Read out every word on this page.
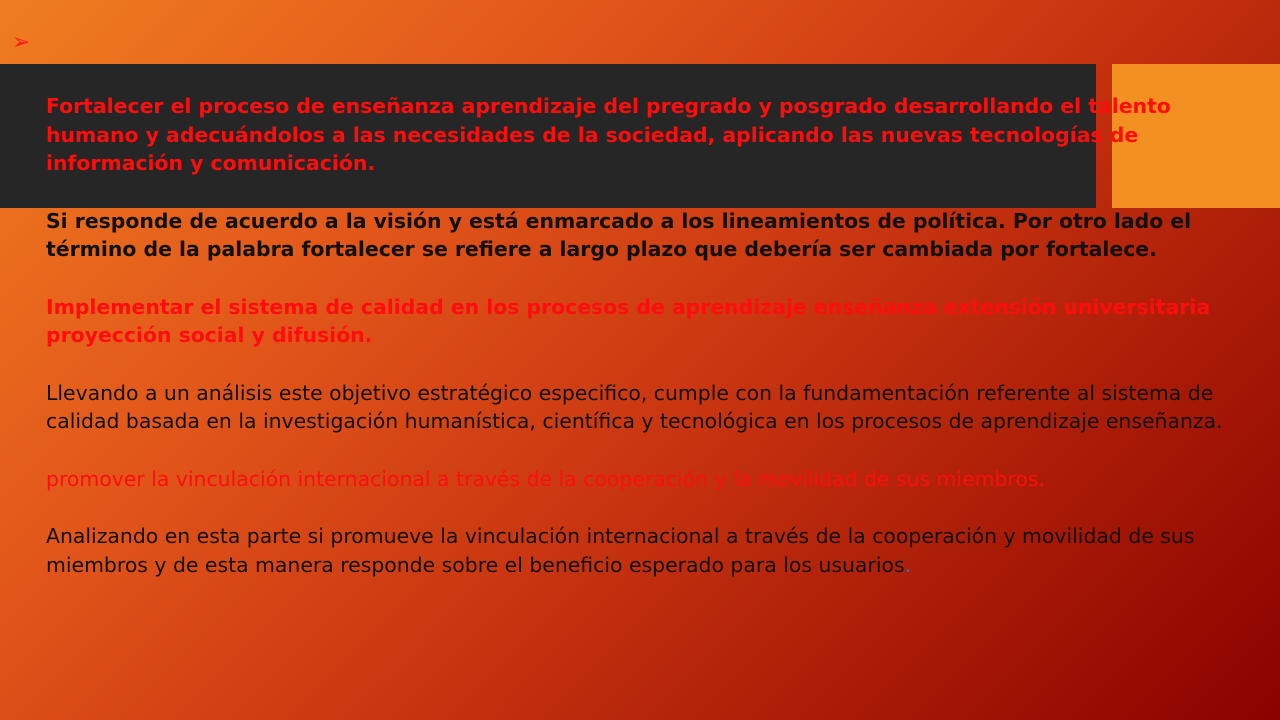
➢

Fortalecer el proceso de enseñanza aprendizaje del pregrado y posgrado desarrollando el talento humano y adecuándolos a las necesidades de la sociedad, aplicando las nuevas tecnologías de información y comunicación.

Si responde de acuerdo a la visión y está enmarcado a los lineamientos de política. Por otro lado el término de la palabra fortalecer se refiere a largo plazo que debería ser cambiada por fortalece.

Implementar el sistema de calidad en los procesos de aprendizaje enseñanza extensión universitaria proyección social y difusión.

Llevando a un análisis este objetivo estratégico especifico, cumple con la fundamentación referente al sistema de calidad basada en la investigación humanística, científica y tecnológica en los procesos de aprendizaje enseñanza.

promover la vinculación internacional a través de la cooperación y la movilidad de sus miembros.

Analizando en esta parte si promueve la vinculación internacional a través de la cooperación y movilidad de sus miembros y de esta manera responde sobre el beneficio esperado para los usuarios.
